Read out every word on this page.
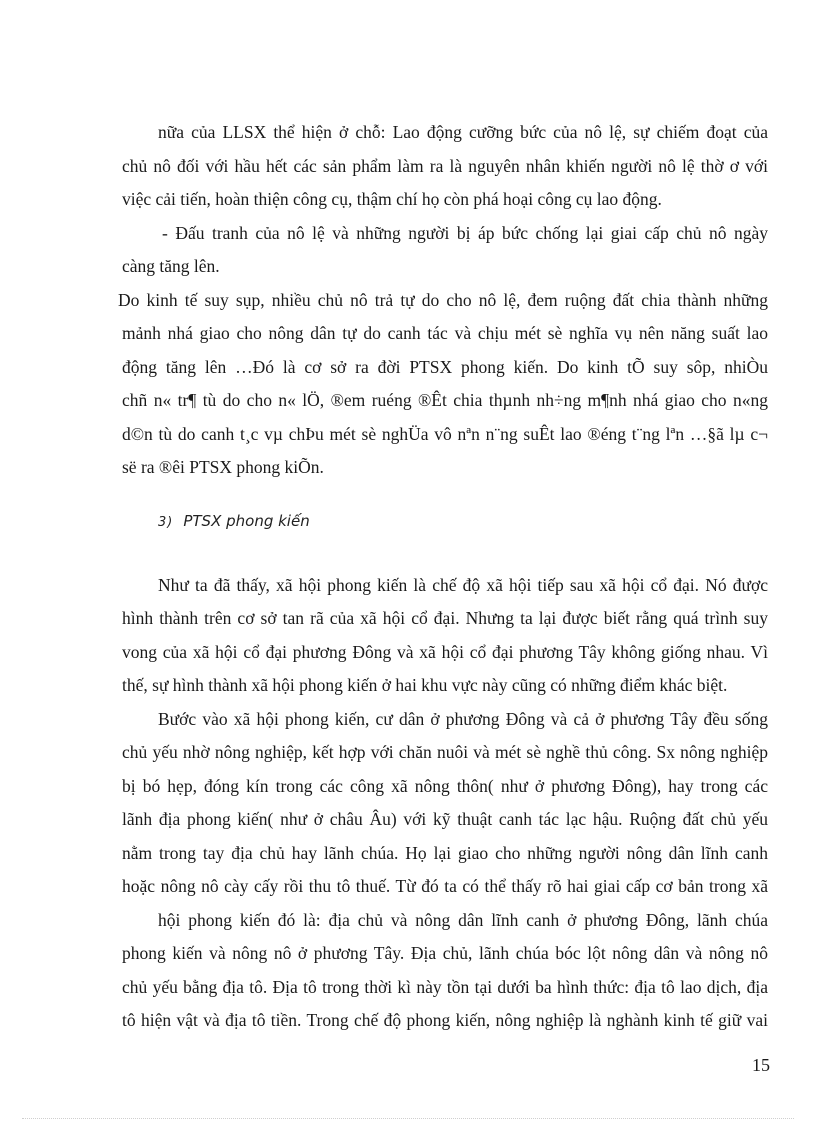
nữa của LLSX thể hiện ở chỗ: Lao động cưỡng bức của nô lệ, sự chiếm đoạt của
chủ nô đối với hầu hết các sản phẩm làm ra là nguyên nhân khiến người nô lệ thờ ơ với
việc cải tiến, hoàn thiện công cụ, thậm chí họ còn phá hoại công cụ lao động.
- Đấu tranh của nô lệ và những người bị áp bức chống lại giai cấp chủ nô ngày
càng tăng lên.
Do kinh tế suy sụp, nhiều chủ nô trả tự do cho nô lệ, đem ruộng đất chia thành những
mảnh nhá giao cho nông dân tự do canh tác và chịu mét sè nghĩa vụ nên năng suất lao
động tăng lên …Đó là cơ sở ra đời PTSX phong kiến. Do kinh tÕ suy sôp, nhiÒu
chñ n« tr¶ tù do cho n« lÖ, ®em ruéng ®Êt chia thµnh nh÷ng m¶nh nhá giao cho n«ng
d©n tù do canh t¸c vµ chÞu mét sè nghÜa vô nªn n¨ng suÊt lao ®éng t¨ng lªn …§ã lµ c¬
së ra ®êi PTSX phong kiÕn.
3) PTSX phong kiến
Như ta đã thấy, xã hội phong kiến là chế độ xã hội tiếp sau xã hội cổ đại. Nó được
hình thành trên cơ sở tan rã của xã hội cổ đại. Nhưng ta lại được biết rằng quá trình suy
vong của xã hội cổ đại phương Đông và xã hội cổ đại phương Tây không giống nhau. Vì
thế, sự hình thành xã hội phong kiến ở hai khu vực này cũng có những điểm khác biệt.
Bước vào xã hội phong kiến, cư dân ở phương Đông và cả ở phương Tây đều sống
chủ yếu nhờ nông nghiệp, kết hợp với chăn nuôi và mét sè nghề thủ công. Sx nông nghiệp
bị bó hẹp, đóng kín trong các công xã nông thôn( như ở phương Đông), hay trong các
lãnh địa phong kiến( như ở châu Âu) với kỹ thuật canh tác lạc hậu. Ruộng đất chủ yếu
nằm trong tay địa chủ hay lãnh chúa. Họ lại giao cho những người nông dân lĩnh canh
hoặc nông nô cày cấy rồi thu tô thuế. Từ đó ta có thể thấy rõ hai giai cấp cơ bản trong xã
hội phong kiến đó là: địa chủ và nông dân lĩnh canh ở phương Đông, lãnh chúa
phong kiến và nông nô ở phương Tây. Địa chủ, lãnh chúa bóc lột nông dân và nông nô
chủ yếu bằng địa tô. Địa tô trong thời kì này tồn tại dưới ba hình thức: địa tô lao dịch, địa
tô hiện vật và địa tô tiền. Trong chế độ phong kiến, nông nghiệp là nghành kinh tế giữ vai
15
